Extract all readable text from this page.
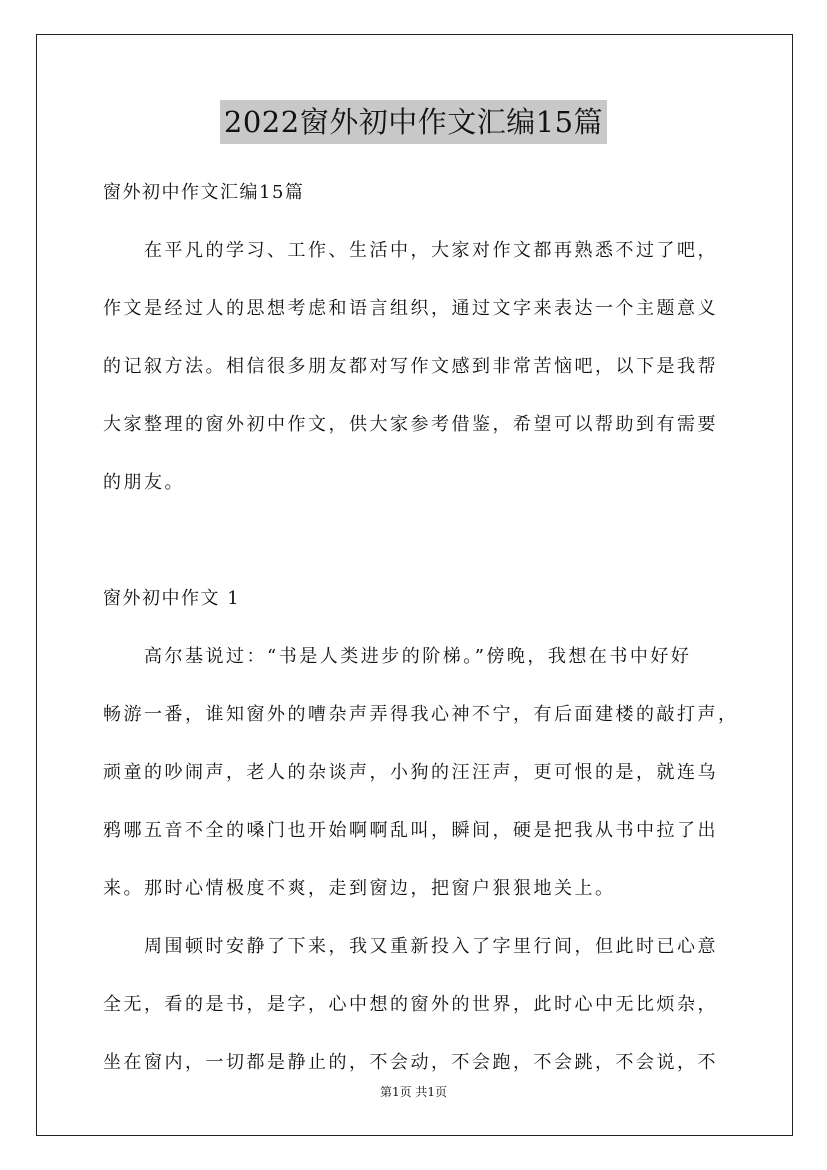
2022窗外初中作文汇编15篇

窗外初中作文汇编15篇

在平凡的学习、工作、生活中，大家对作文都再熟悉不过了吧，

作文是经过人的思想考虑和语言组织，通过文字来表达一个主题意义

的记叙方法。相信很多朋友都对写作文感到非常苦恼吧，以下是我帮

大家整理的窗外初中作文，供大家参考借鉴，希望可以帮助到有需要

的朋友。

窗外初中作文 1

高尔基说过：“书是人类进步的阶梯。”傍晚，我想在书中好好

畅游一番，谁知窗外的嘈杂声弄得我心神不宁，有后面建楼的敲打声，

顽童的吵闹声，老人的杂谈声，小狗的汪汪声，更可恨的是，就连乌

鸦哪五音不全的嗓门也开始啊啊乱叫，瞬间，硬是把我从书中拉了出

来。那时心情极度不爽，走到窗边，把窗户狠狠地关上。

周围顿时安静了下来，我又重新投入了字里行间，但此时已心意

全无，看的是书，是字，心中想的窗外的世界，此时心中无比烦杂，

坐在窗内，一切都是静止的，不会动，不会跑，不会跳，不会说，不

第1页 共1页
